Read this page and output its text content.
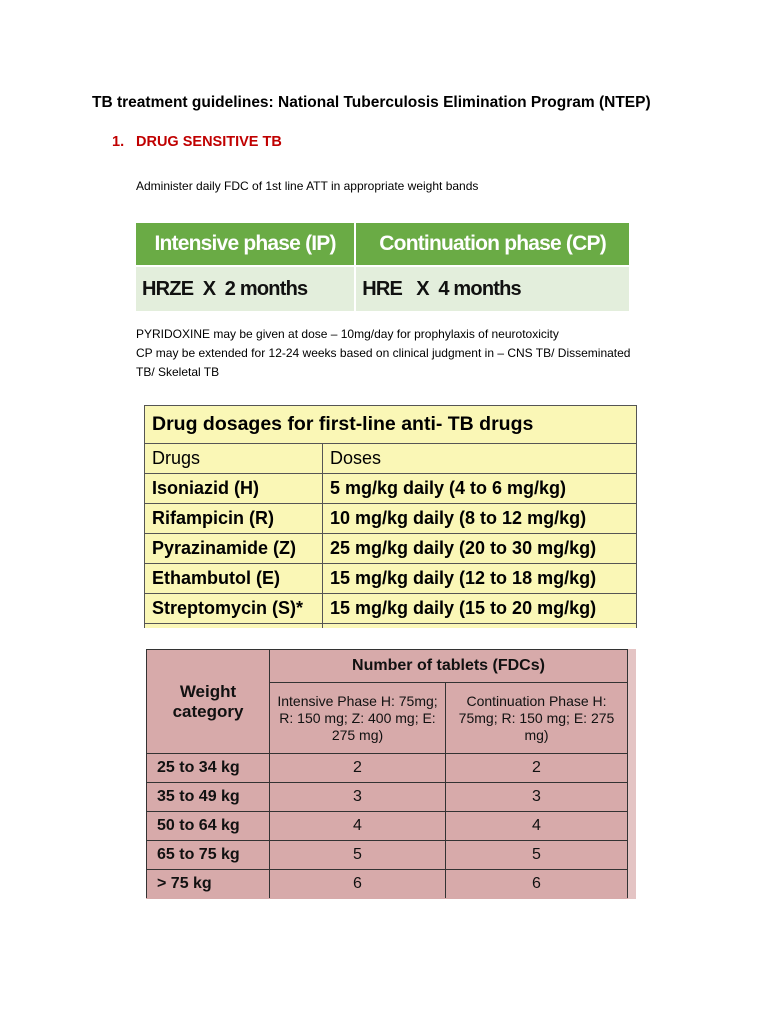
TB treatment guidelines: National Tuberculosis Elimination Program (NTEP)
1. DRUG SENSITIVE TB
Administer daily FDC of 1st line ATT in appropriate weight bands
Intensive phase (IP)	Continuation phase (CP)
HRZE  X  2 months	HRE   X  4 months
PYRIDOXINE may be given at dose – 10mg/day for prophylaxis of neurotoxicity
CP may be extended for 12-24 weeks based on clinical judgment in – CNS TB/ Disseminated TB/ Skeletal TB
Drug dosages for first-line anti- TB drugs	
Drugs	Doses
Isoniazid (H)	5 mg/kg daily (4 to 6 mg/kg)
Rifampicin (R)	10 mg/kg daily (8 to 12 mg/kg)
Pyrazinamide (Z)	25 mg/kg daily (20 to 30 mg/kg)
Ethambutol (E)	15 mg/kg daily (12 to 18 mg/kg)
Streptomycin (S)*	15 mg/kg daily (15 to 20 mg/kg)

Weight category	Number of tablets (FDCs)	
	Intensive Phase H: 75mg; R: 150 mg; Z: 400 mg; E: 275 mg)	Continuation Phase H: 75mg; R: 150 mg; E: 275 mg)
25 to 34 kg	2	2
35 to 49 kg	3	3
50 to 64 kg	4	4
65 to 75 kg	5	5
> 75 kg	6	6
